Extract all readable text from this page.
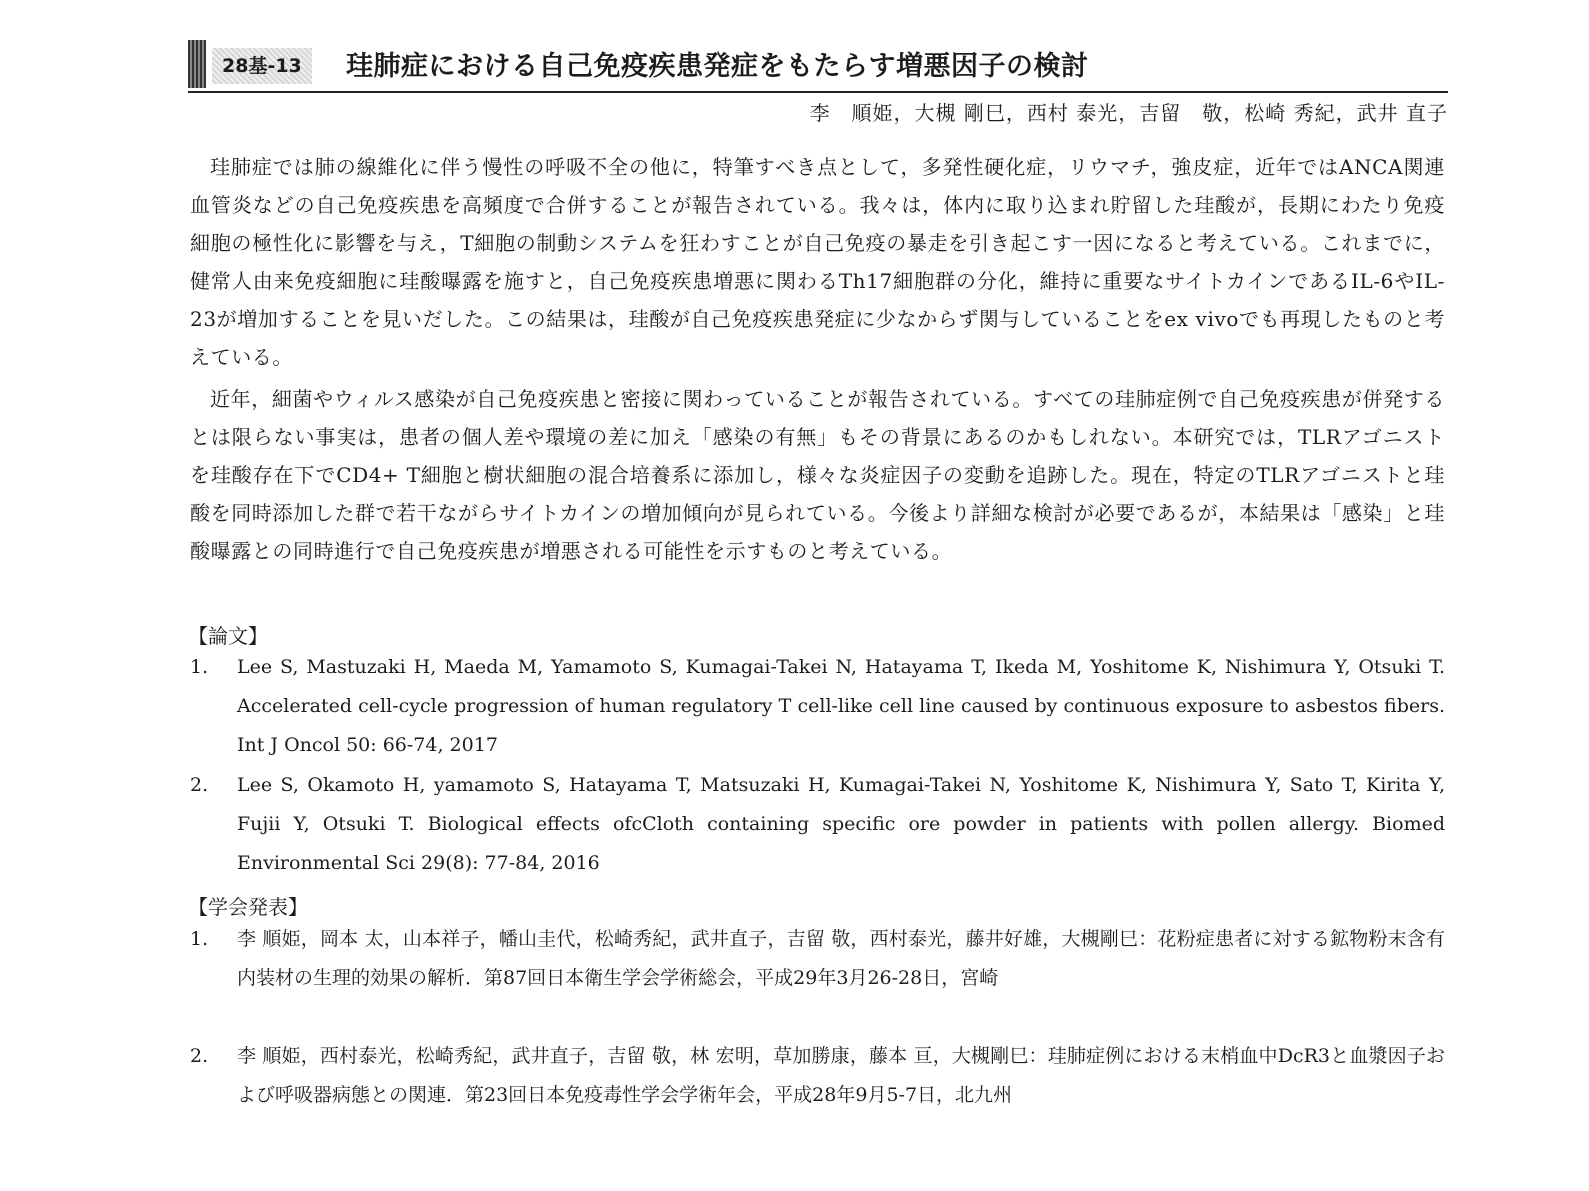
28基-13	珪肺症における自己免疫疾患発症をもたらす増悪因子の検討
李　順姫，大槻 剛巳，西村 泰光，吉留　敬，松崎 秀紀，武井 直子

珪肺症では肺の線維化に伴う慢性の呼吸不全の他に，特筆すべき点として，多発性硬化症，リウマチ，強皮症，近年ではANCA関連血管炎などの自己免疫疾患を高頻度で合併することが報告されている。我々は，体内に取り込まれ貯留した珪酸が，長期にわたり免疫細胞の極性化に影響を与え，T細胞の制動システムを狂わすことが自己免疫の暴走を引き起こす一因になると考えている。これまでに，健常人由来免疫細胞に珪酸曝露を施すと，自己免疫疾患増悪に関わるTh17細胞群の分化，維持に重要なサイトカインであるIL-6やIL-23が増加することを見いだした。この結果は，珪酸が自己免疫疾患発症に少なからず関与していることをex vivoでも再現したものと考えている。

近年，細菌やウィルス感染が自己免疫疾患と密接に関わっていることが報告されている。すべての珪肺症例で自己免疫疾患が併発するとは限らない事実は，患者の個人差や環境の差に加え「感染の有無」もその背景にあるのかもしれない。本研究では，TLRアゴニストを珪酸存在下でCD4+ T細胞と樹状細胞の混合培養系に添加し，様々な炎症因子の変動を追跡した。現在，特定のTLRアゴニストと珪酸を同時添加した群で若干ながらサイトカインの増加傾向が見られている。今後より詳細な検討が必要であるが，本結果は「感染」と珪酸曝露との同時進行で自己免疫疾患が増悪される可能性を示すものと考えている。

【論文】

1. Lee S, Mastuzaki H, Maeda M, Yamamoto S, Kumagai-Takei N, Hatayama T, Ikeda M, Yoshitome K, Nishimura Y, Otsuki T. Accelerated cell-cycle progression of human regulatory T cell-like cell line caused by continuous exposure to asbestos fibers. Int J Oncol 50: 66-74, 2017
2. Lee S, Okamoto H, yamamoto S, Hatayama T, Matsuzaki H, Kumagai-Takei N, Yoshitome K, Nishimura Y, Sato T, Kirita Y, Fujii Y, Otsuki T. Biological effects ofcCloth containing specific ore powder in patients with pollen allergy. Biomed Environmental Sci 29(8): 77-84, 2016

【学会発表】

1. 李 順姫，岡本 太，山本祥子，幡山圭代，松崎秀紀，武井直子，吉留 敬，西村泰光，藤井好雄，大槻剛巳：花粉症患者に対する鉱物粉末含有内装材の生理的効果の解析．第87回日本衛生学会学術総会，平成29年3月26-28日，宮崎
2. 李 順姫，西村泰光，松崎秀紀，武井直子，吉留 敬，林 宏明，草加勝康，藤本 亘，大槻剛巳：珪肺症例における末梢血中DcR3と血漿因子および呼吸器病態との関連．第23回日本免疫毒性学会学術年会，平成28年9月5-7日，北九州
